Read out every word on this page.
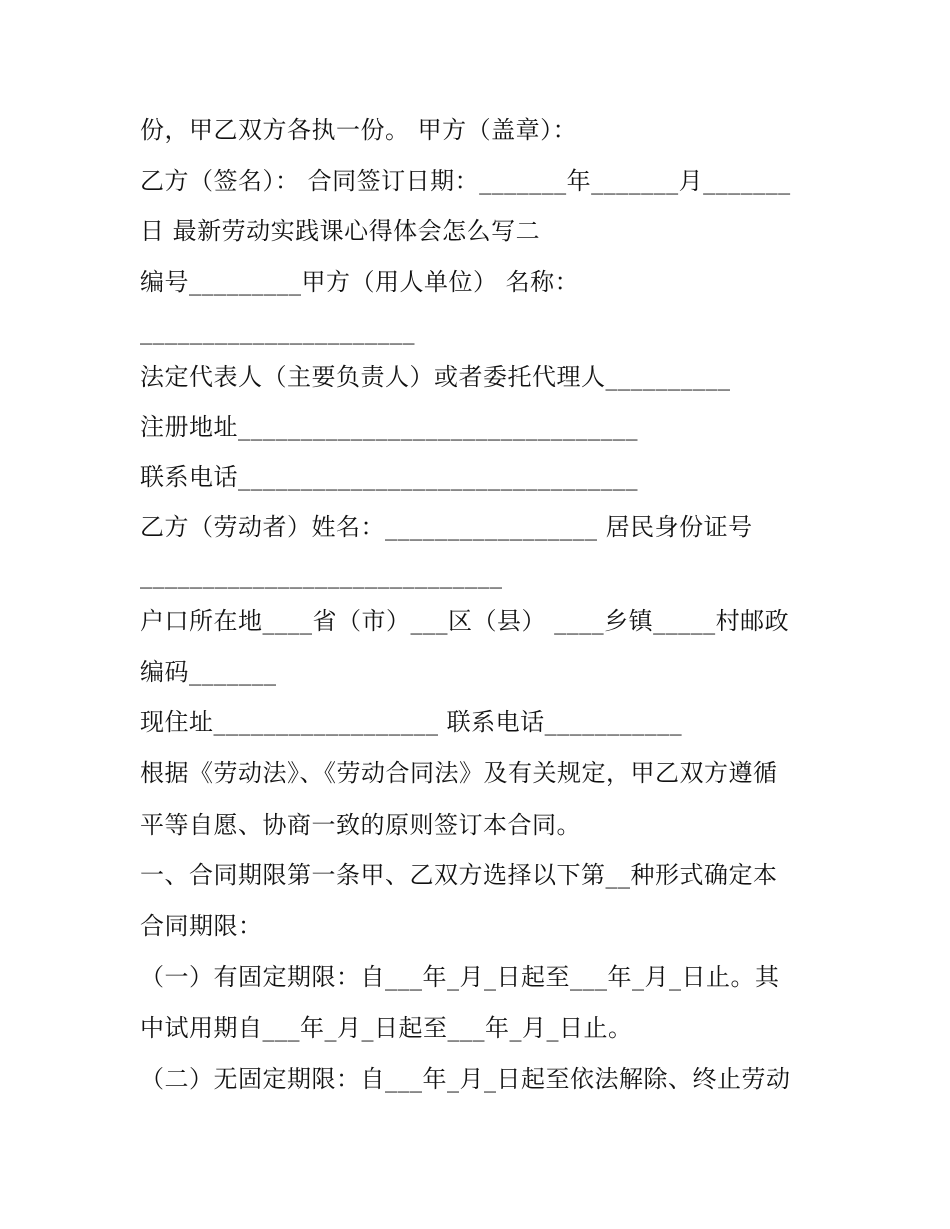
份，甲乙双方各执一份。 甲方（盖章）：
乙方（签名）： 合同签订日期：_______年_______月_______
日 最新劳动实践课心得体会怎么写二
编号_________甲方（用人单位） 名称：
______________________
法定代表人（主要负责人）或者委托代理人__________
注册地址________________________________
联系电话________________________________
乙方（劳动者）姓名：_________________ 居民身份证号
_____________________________
户口所在地____省（市）___区（县） ____乡镇_____村邮政
编码_______
现住址__________________ 联系电话___________
根据《劳动法》、《劳动合同法》及有关规定，甲乙双方遵循
平等自愿、协商一致的原则签订本合同。
一、合同期限第一条甲、乙双方选择以下第__种形式确定本
合同期限：
（一）有固定期限：自___年_月_日起至___年_月_日止。其
中试用期自___年_月_日起至___年_月_日止。
（二）无固定期限：自___年_月_日起至依法解除、终止劳动
